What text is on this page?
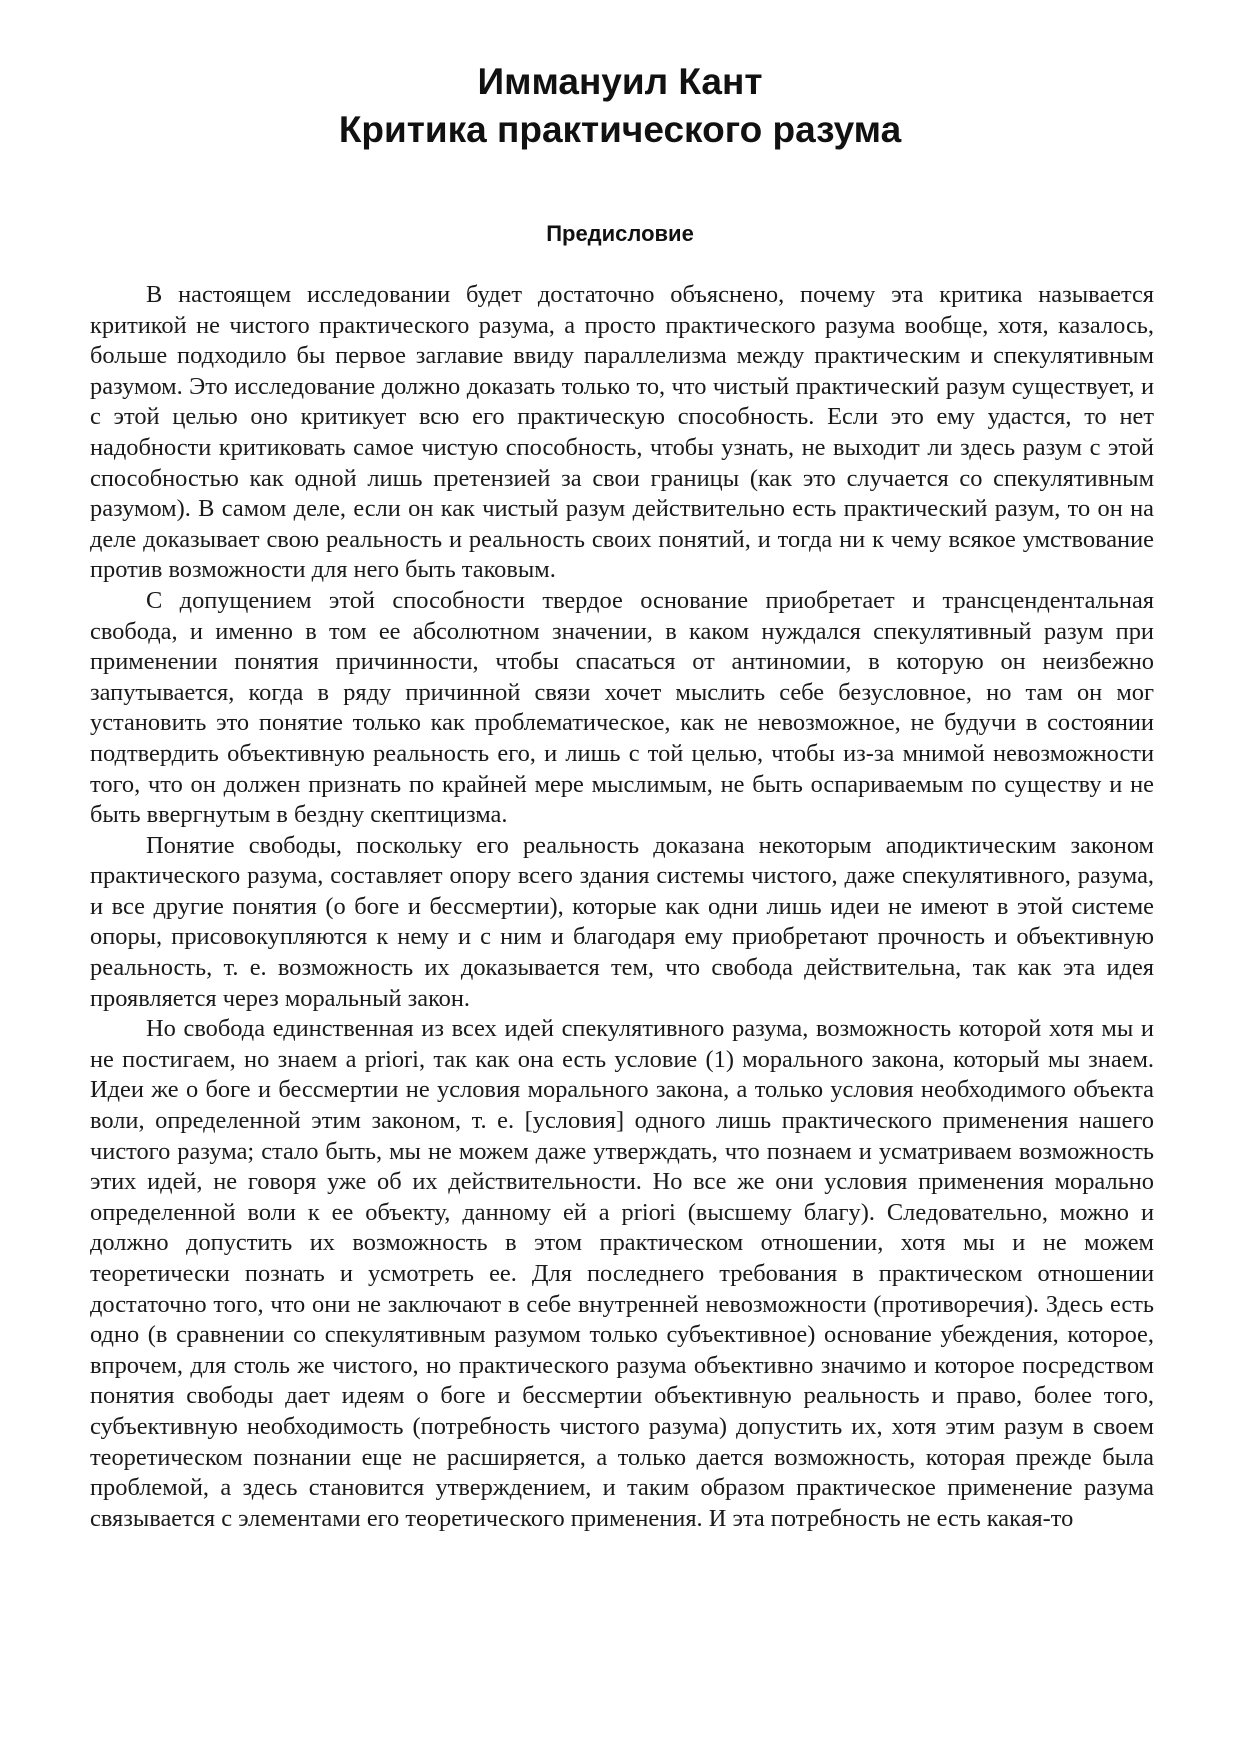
Иммануил Кант
Критика практического разума
Предисловие

В настоящем исследовании будет достаточно объяснено, почему эта критика называется критикой не чистого практического разума, а просто практического разума вообще, хотя, казалось, больше подходило бы первое заглавие ввиду параллелизма между практическим и спекулятивным разумом. Это исследование должно доказать только то, что чистый практический разум существует, и с этой целью оно критикует всю его практическую способность. Если это ему удастся, то нет надобности критиковать самое чистую способность, чтобы узнать, не выходит ли здесь разум с этой способностью как одной лишь претензией за свои границы (как это случается со спекулятивным разумом). В самом деле, если он как чистый разум действительно есть практический разум, то он на деле доказывает свою реальность и реальность своих понятий, и тогда ни к чему всякое умствование против возможности для него быть таковым.

С допущением этой способности твердое основание приобретает и трансцендентальная свобода, и именно в том ее абсолютном значении, в каком нуждался спекулятивный разум при применении понятия причинности, чтобы спасаться от антиномии, в которую он неизбежно запутывается, когда в ряду причинной связи хочет мыслить себе безусловное, но там он мог установить это понятие только как проблематическое, как не невозможное, не будучи в состоянии подтвердить объективную реальность его, и лишь с той целью, чтобы из-за мнимой невозможности того, что он должен признать по крайней мере мыслимым, не быть оспариваемым по существу и не быть ввергнутым в бездну скептицизма.

Понятие свободы, поскольку его реальность доказана некоторым аподиктическим законом практического разума, составляет опору всего здания системы чистого, даже спекулятивного, разума, и все другие понятия (о боге и бессмертии), которые как одни лишь идеи не имеют в этой системе опоры, присовокупляются к нему и с ним и благодаря ему приобретают прочность и объективную реальность, т. е. возможность их доказывается тем, что свобода действительна, так как эта идея проявляется через моральный закон.

Но свобода единственная из всех идей спекулятивного разума, возможность которой хотя мы и не постигаем, но знаем a priori, так как она есть условие (1) морального закона, который мы знаем. Идеи же о боге и бессмертии не условия морального закона, а только условия необходимого объекта воли, определенной этим законом, т. е. [условия] одного лишь практического применения нашего чистого разума; стало быть, мы не можем даже утверждать, что познаем и усматриваем возможность этих идей, не говоря уже об их действительности. Но все же они условия применения морально определенной воли к ее объекту, данному ей a priori (высшему благу). Следовательно, можно и должно допустить их возможность в этом практическом отношении, хотя мы и не можем теоретически познать и усмотреть ее. Для последнего требования в практическом отношении достаточно того, что они не заключают в себе внутренней невозможности (противоречия). Здесь есть одно (в сравнении со спекулятивным разумом только субъективное) основание убеждения, которое, впрочем, для столь же чистого, но практического разума объективно значимо и которое посредством понятия свободы дает идеям о боге и бессмертии объективную реальность и право, более того, субъективную необходимость (потребность чистого разума) допустить их, хотя этим разум в своем теоретическом познании еще не расширяется, а только дается возможность, которая прежде была проблемой, а здесь становится утверждением, и таким образом практическое применение разума связывается с элементами его теоретического применения. И эта потребность не есть какая-то
